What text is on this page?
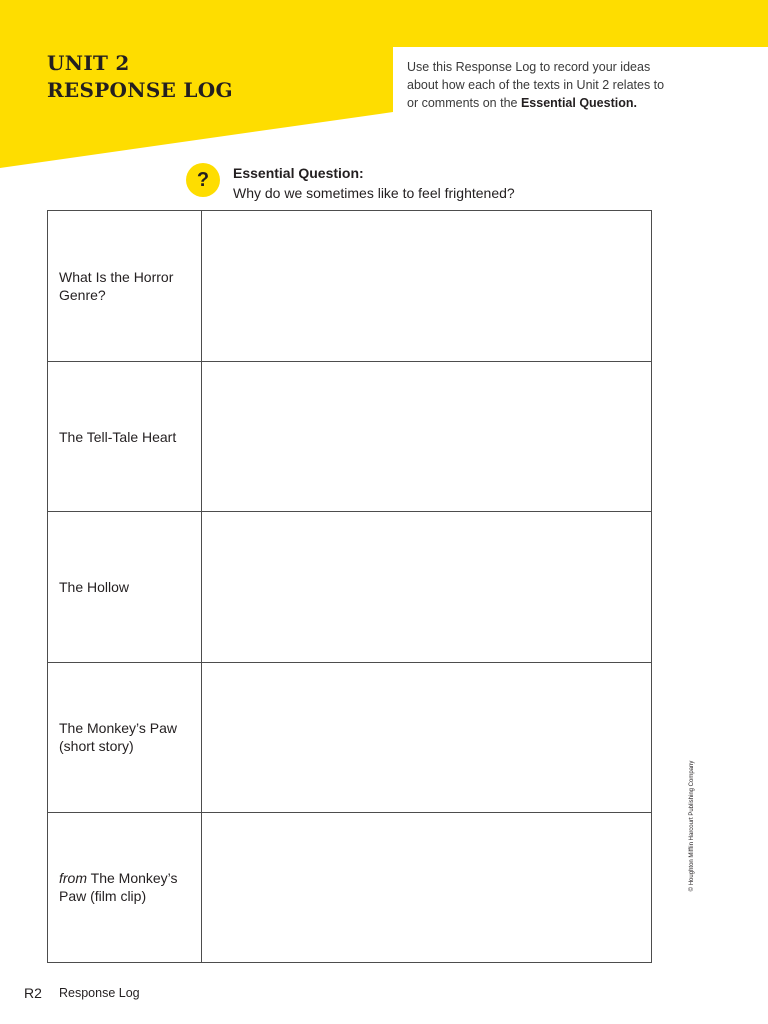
UNIT 2
RESPONSE LOG
Use this Response Log to record your ideas about how each of the texts in Unit 2 relates to or comments on the Essential Question.
?	Essential Question:
Why do we sometimes like to feel frightened?
What Is the Horror Genre?
The Tell-Tale Heart
The Hollow
The Monkey’s Paw (short story)
from The Monkey’s Paw (film clip)
© Houghton Mifflin Harcourt Publishing Company
R2 Response Log
